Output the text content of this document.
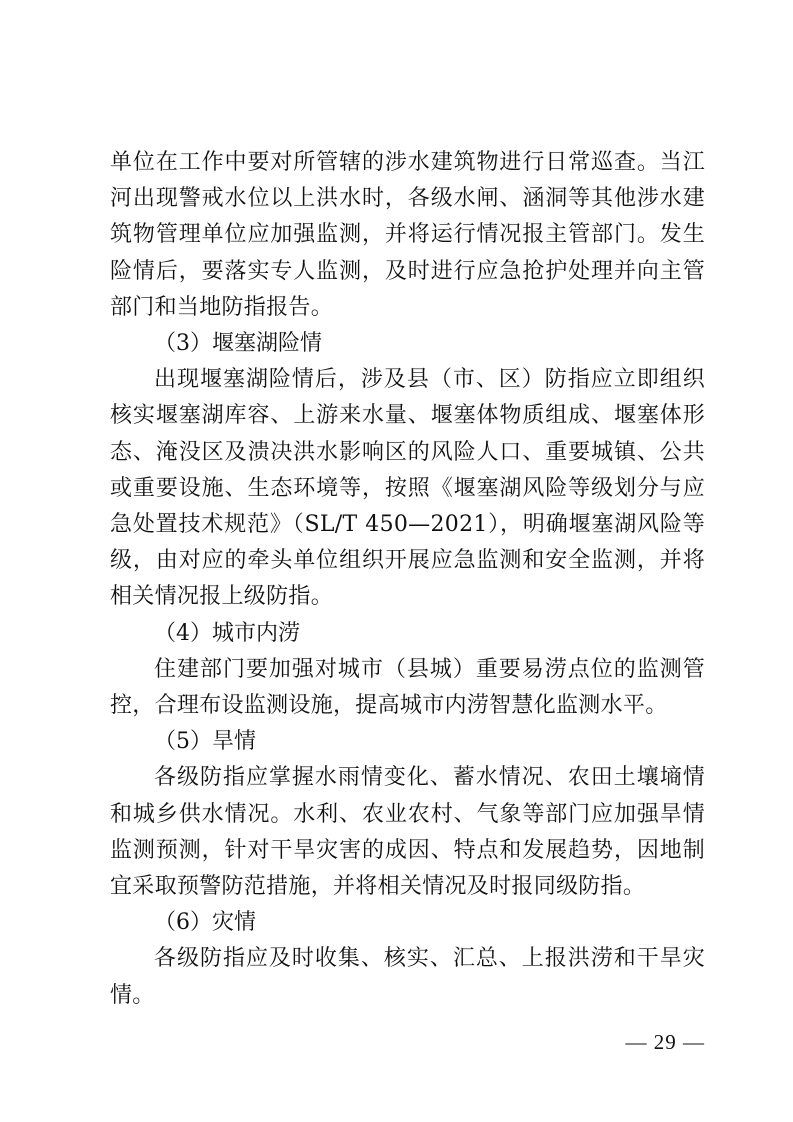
单位在工作中要对所管辖的涉水建筑物进行日常巡查。当江河出现警戒水位以上洪水时，各级水闸、涵洞等其他涉水建筑物管理单位应加强监测，并将运行情况报主管部门。发生险情后，要落实专人监测，及时进行应急抢护处理并向主管部门和当地防指报告。

（3）堰塞湖险情

出现堰塞湖险情后，涉及县（市、区）防指应立即组织核实堰塞湖库容、上游来水量、堰塞体物质组成、堰塞体形态、淹没区及溃决洪水影响区的风险人口、重要城镇、公共或重要设施、生态环境等，按照《堰塞湖风险等级划分与应急处置技术规范》（SL/T 450—2021），明确堰塞湖风险等级，由对应的牵头单位组织开展应急监测和安全监测，并将相关情况报上级防指。

（4）城市内涝

住建部门要加强对城市（县城）重要易涝点位的监测管控，合理布设监测设施，提高城市内涝智慧化监测水平。

（5）旱情

各级防指应掌握水雨情变化、蓄水情况、农田土壤墒情和城乡供水情况。水利、农业农村、气象等部门应加强旱情监测预测，针对干旱灾害的成因、特点和发展趋势，因地制宜采取预警防范措施，并将相关情况及时报同级防指。

（6）灾情

各级防指应及时收集、核实、汇总、上报洪涝和干旱灾情。

— 29 —
